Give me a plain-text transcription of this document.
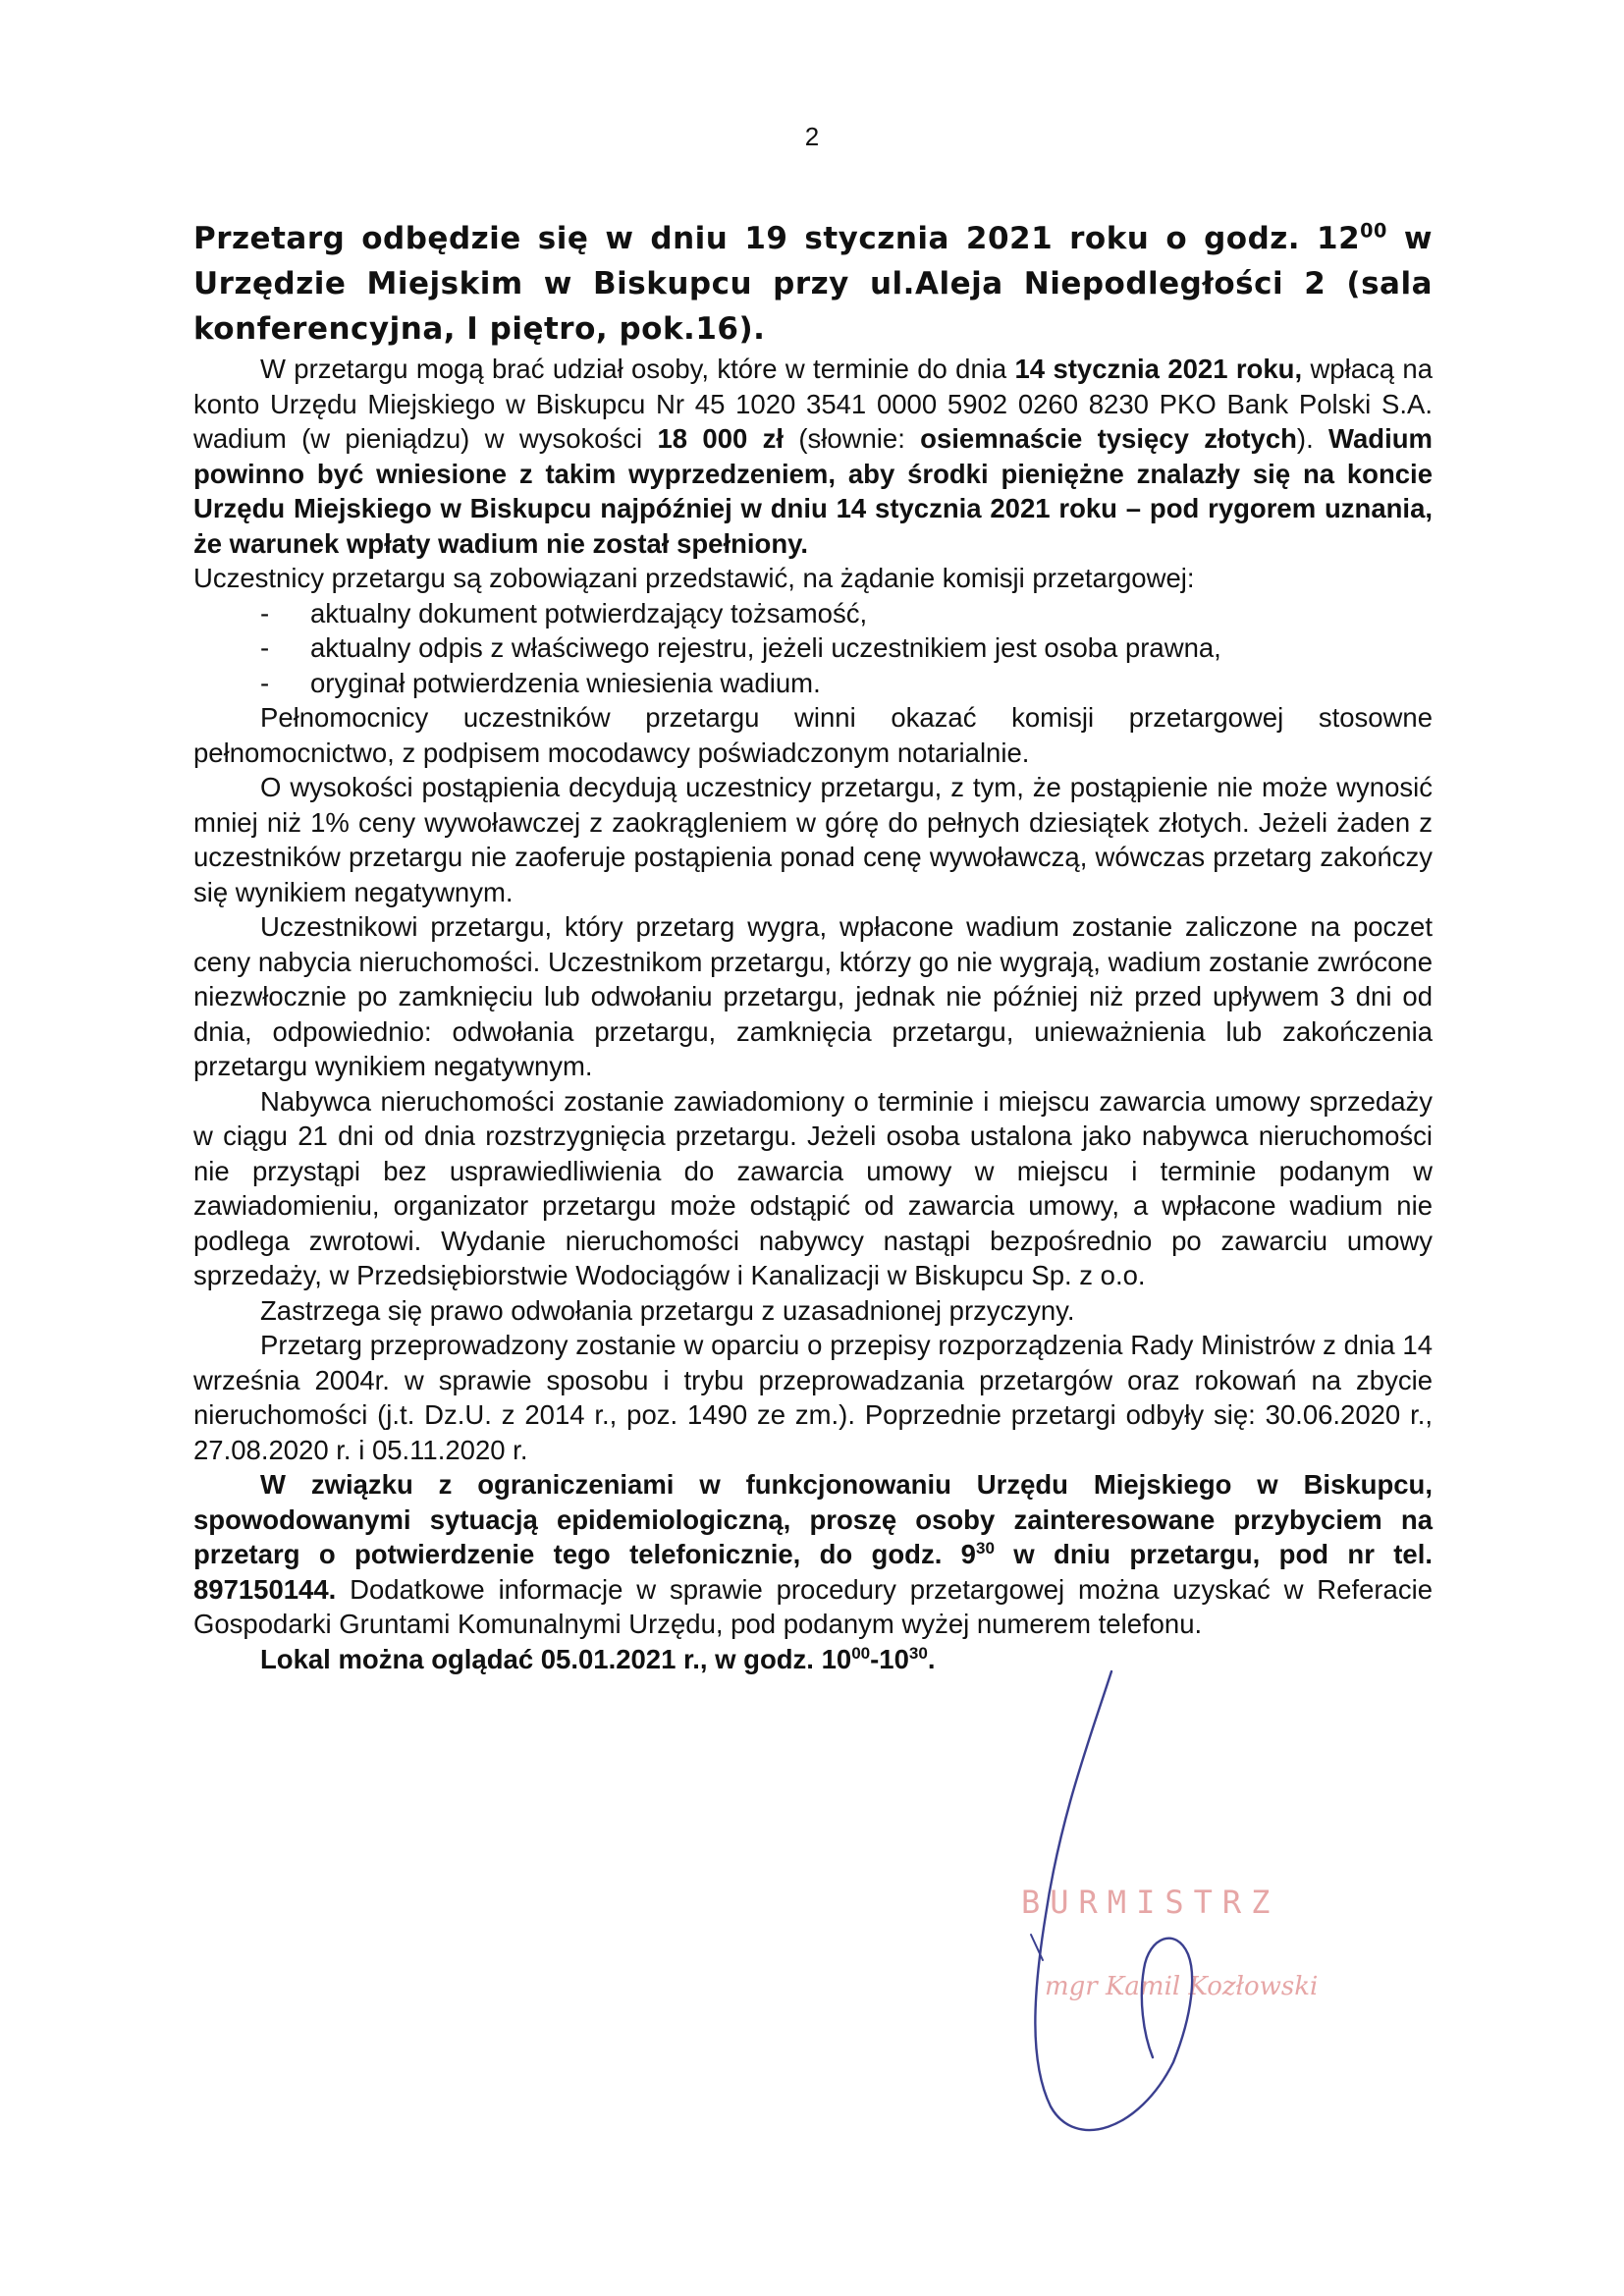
2

Przetarg odbędzie się w dniu 19 stycznia 2021 roku o godz. $12^{00}$ w Urzędzie Miejskim w Biskupcu przy ul.Aleja Niepodległości 2 (sala konferencyjna, I piętro, pok.16).

W przetargu mogą brać udział osoby, które w terminie do dnia 14 stycznia 2021 roku, wpłacą na konto Urzędu Miejskiego w Biskupcu Nr 45 1020 3541 0000 5902 0260 8230 PKO Bank Polski S.A. wadium (w pieniądzu) w wysokości 18 000 zł (słownie: osiemnaście tysięcy złotych). Wadium powinno być wniesione z takim wyprzedzeniem, aby środki pieniężne znalazły się na koncie Urzędu Miejskiego w Biskupcu najpóźniej w dniu 14 stycznia 2021 roku – pod rygorem uznania, że warunek wpłaty wadium nie został spełniony.

Uczestnicy przetargu są zobowiązani przedstawić, na żądanie komisji przetargowej:

- aktualny dokument potwierdzający tożsamość,
- aktualny odpis z właściwego rejestru, jeżeli uczestnikiem jest osoba prawna,
- oryginał potwierdzenia wniesienia wadium.

Pełnomocnicy uczestników przetargu winni okazać komisji przetargowej stosowne pełnomocnictwo, z podpisem mocodawcy poświadczonym notarialnie.

O wysokości postąpienia decydują uczestnicy przetargu, z tym, że postąpienie nie może wynosić mniej niż 1% ceny wywoławczej z zaokrągleniem w górę do pełnych dziesiątek złotych. Jeżeli żaden z uczestników przetargu nie zaoferuje postąpienia ponad cenę wywoławczą, wówczas przetarg zakończy się wynikiem negatywnym.

Uczestnikowi przetargu, który przetarg wygra, wpłacone wadium zostanie zaliczone na poczet ceny nabycia nieruchomości. Uczestnikom przetargu, którzy go nie wygrają, wadium zostanie zwrócone niezwłocznie po zamknięciu lub odwołaniu przetargu, jednak nie później niż przed upływem 3 dni od dnia, odpowiednio: odwołania przetargu, zamknięcia przetargu, unieważnienia lub zakończenia przetargu wynikiem negatywnym.

Nabywca nieruchomości zostanie zawiadomiony o terminie i miejscu zawarcia umowy sprzedaży w ciągu 21 dni od dnia rozstrzygnięcia przetargu. Jeżeli osoba ustalona jako nabywca nieruchomości nie przystąpi bez usprawiedliwienia do zawarcia umowy w miejscu i terminie podanym w zawiadomieniu, organizator przetargu może odstąpić od zawarcia umowy, a wpłacone wadium nie podlega zwrotowi. Wydanie nieruchomości nabywcy nastąpi bezpośrednio po zawarciu umowy sprzedaży, w Przedsiębiorstwie Wodociągów i Kanalizacji w Biskupcu Sp. z o.o.

Zastrzega się prawo odwołania przetargu z uzasadnionej przyczyny.

Przetarg przeprowadzony zostanie w oparciu o przepisy rozporządzenia Rady Ministrów z dnia 14 września 2004r. w sprawie sposobu i trybu przeprowadzania przetargów oraz rokowań na zbycie nieruchomości (j.t. Dz.U. z 2014 r., poz. 1490 ze zm.). Poprzednie przetargi odbyły się: 30.06.2020 r., 27.08.2020 r. i 05.11.2020 r.

W związku z ograniczeniami w funkcjonowaniu Urzędu Miejskiego w Biskupcu, spowodowanymi sytuacją epidemiologiczną, proszę osoby zainteresowane przybyciem na przetarg o potwierdzenie tego telefonicznie, do godz. $9^{30}$ w dniu przetargu, pod nr tel. 897150144. Dodatkowe informacje w sprawie procedury przetargowej można uzyskać w Referacie Gospodarki Gruntami Komunalnymi Urzędu, pod podanym wyżej numerem telefonu.

Lokal można oglądać 05.01.2021 r., w godz. $10^{00}-10^{30}$.

BURMISTRZ
mgr Kamil Kozłowski
